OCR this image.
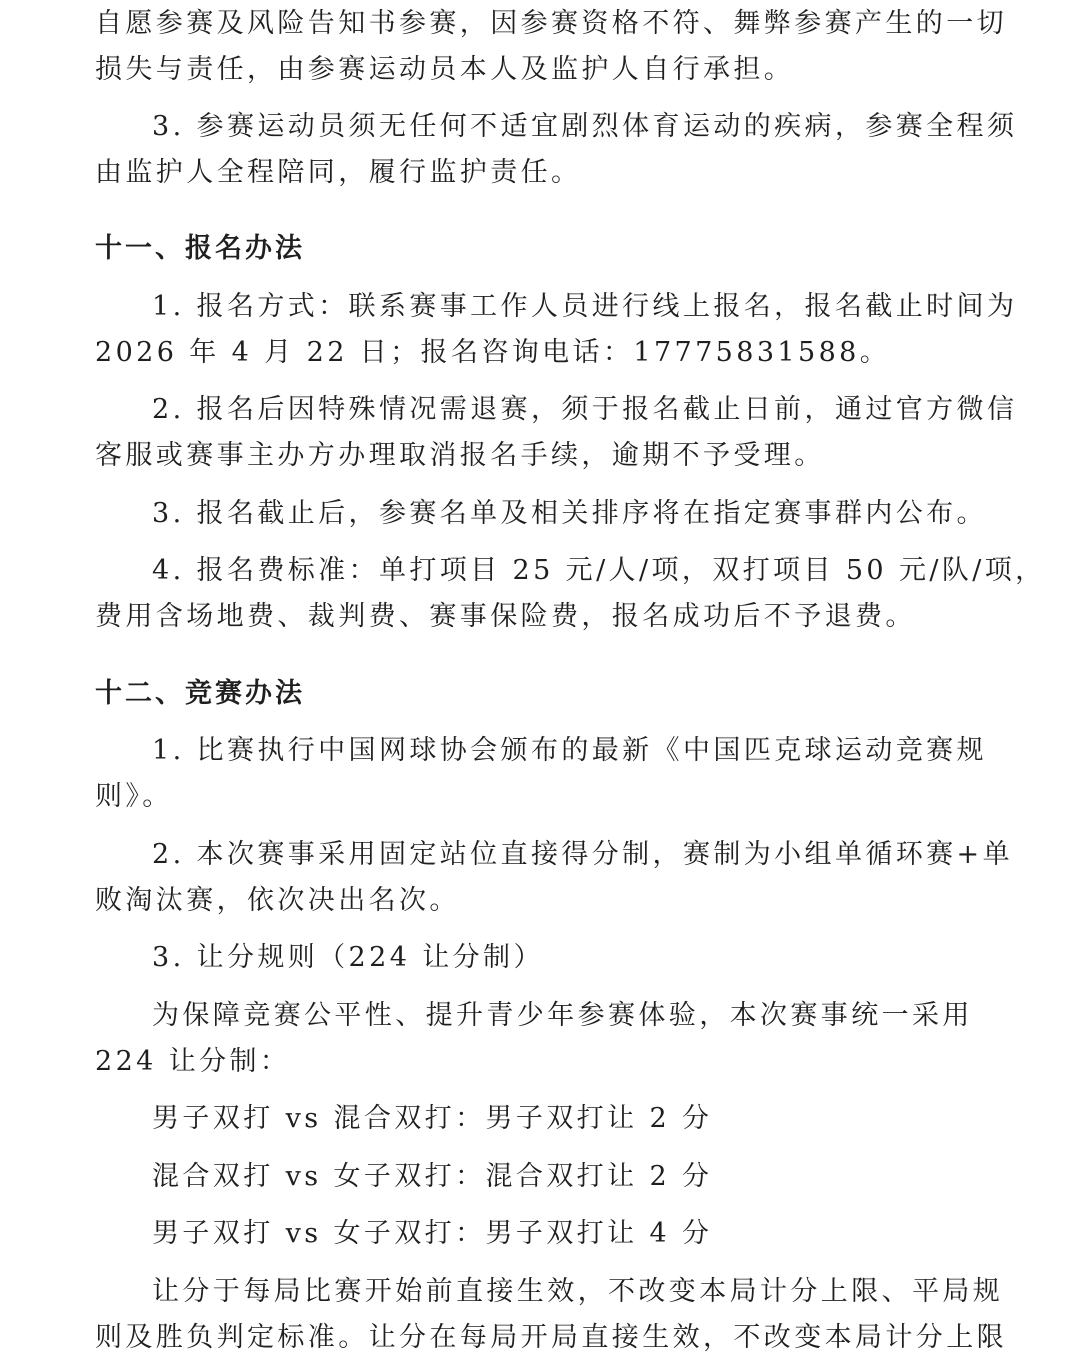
自愿参赛及风险告知书参赛，因参赛资格不符、舞弊参赛产生的一切
损失与责任，由参赛运动员本人及监护人自行承担。
3. 参赛运动员须无任何不适宜剧烈体育运动的疾病，参赛全程须
由监护人全程陪同，履行监护责任。
十一、报名办法
1. 报名方式：联系赛事工作人员进行线上报名，报名截止时间为
2026 年 4 月 22 日；报名咨询电话：17775831588。
2. 报名后因特殊情况需退赛，须于报名截止日前，通过官方微信
客服或赛事主办方办理取消报名手续，逾期不予受理。
3. 报名截止后，参赛名单及相关排序将在指定赛事群内公布。
4. 报名费标准：单打项目 25 元/人/项，双打项目 50 元/队/项，
费用含场地费、裁判费、赛事保险费，报名成功后不予退费。
十二、竞赛办法
1. 比赛执行中国网球协会颁布的最新《中国匹克球运动竞赛规
则》。
2. 本次赛事采用固定站位直接得分制，赛制为小组单循环赛+单
败淘汰赛，依次决出名次。
3. 让分规则（224 让分制）
为保障竞赛公平性、提升青少年参赛体验，本次赛事统一采用
224 让分制：
男子双打 vs 混合双打：男子双打让 2 分
混合双打 vs 女子双打：混合双打让 2 分
男子双打 vs 女子双打：男子双打让 4 分
让分于每局比赛开始前直接生效，不改变本局计分上限、平局规
则及胜负判定标准。让分在每局开局直接生效，不改变本局计分上限
